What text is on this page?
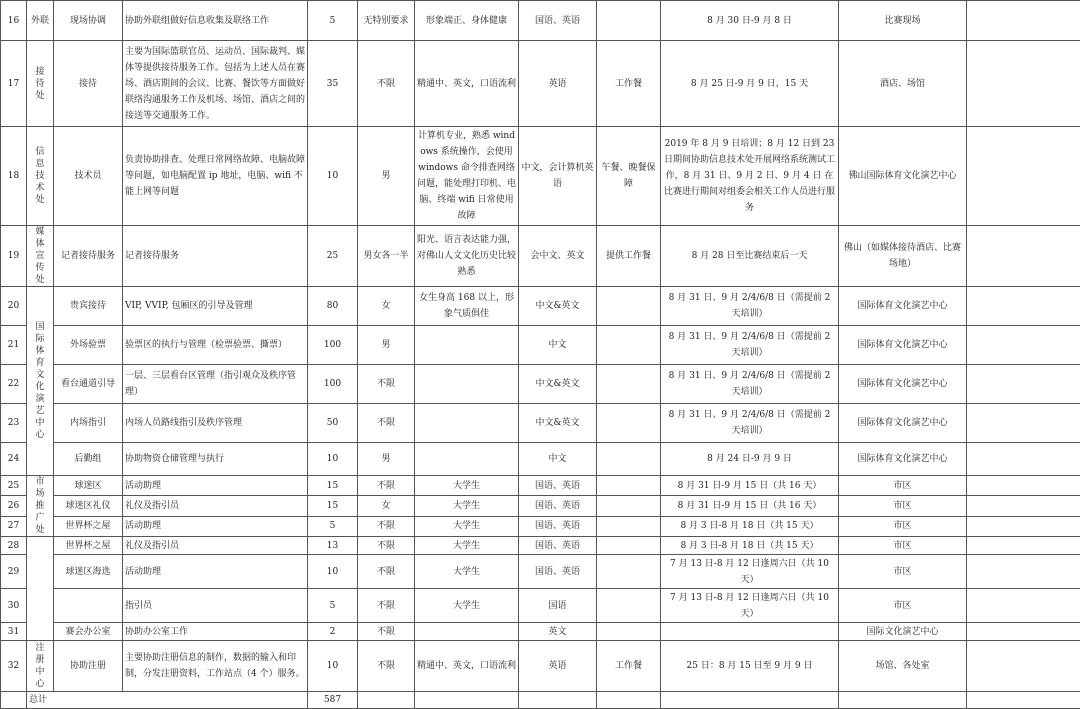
16	外联	现场协调	协助外联组做好信息收集及联络工作	5	无特别要求	形象端正、身体健康	国语、英语		8 月 30 日-9 月 8 日	比赛现场	
17	接待处	接待	主要为国际篮联官员、运动员、国际裁判、媒体等提供接待服务工作。包括为上述人员在赛场、酒店期间的会议、比赛、餐饮等方面做好联络沟通服务工作及机场、场馆、酒店之间的接送等交通服务工作。	35	不限	精通中、英文，口语流利	英语	工作餐	8 月 25 日-9 月 9 日，15 天	酒店、场馆	
18	信息技术处	技术员	负责协助排查、处理日常网络故障、电脑故障等问题，如电脑配置 ip 地址，电脑、wifi 不能上网等问题	10	男	计算机专业，熟悉 windows 系统操作，会使用 windows 命令排查网络问题，能处理打印机、电脑、终端 wifi 日常使用故障	中文，会计算机英语	午餐、晚餐保障	2019 年 8 月 9 日培训；8 月 12 日到 23 日期间协助信息技术处开展网络系统测试工作，8 月 31 日、9 月 2 日、9 月 4 日 在比赛进行期间对组委会相关工作人员进行服务	佛山国际体育文化演艺中心	
19	媒体宣传处	记者接待服务	记者接待服务	25	男女各一半	阳光、语言表达能力强，对佛山人文文化历史比较熟悉	会中文、英文	提供工作餐	8 月 28 日至比赛结束后一天	佛山（如媒体接待酒店、比赛场地）	
20	国际体育文化演艺中心	贵宾接待	VIP, VVIP, 包厢区的引导及管理	80	女	女生身高 168 以上，形象气质俱佳	中文&英文		8 月 31 日、9 月 2/4/6/8 日（需提前 2 天培训）	国际体育文化演艺中心	
21		外场验票	验票区的执行与管理（检票验票、撕票）	100	男		中文		8 月 31 日、9 月 2/4/6/8 日（需提前 2 天培训）	国际体育文化演艺中心	
22		看台通道引导	一层、三层看台区管理（指引观众及秩序管理）	100	不限		中文&英文		8 月 31 日、9 月 2/4/6/8 日（需提前 2 天培训）	国际体育文化演艺中心	
23		内场指引	内场人员路线指引及秩序管理	50	不限		中文&英文		8 月 31 日、9 月 2/4/6/8 日（需提前 2 天培训）	国际体育文化演艺中心	
24		后勤组	协助物资仓储管理与执行	10	男		中文		8 月 24 日-9 月 9 日	国际体育文化演艺中心	
25	市场推广处	球迷区	活动助理	15	不限	大学生	国语、英语		8 月 31 日-9 月 15 日（共 16 天）	市区	
26		球迷区礼仪	礼仪及指引员	15	女	大学生	国语、英语		8 月 31 日-9 月 15 日（共 16 天）	市区	
27		世界杯之屋	活动助理	5	不限	大学生	国语、英语		8 月 3 日-8 月 18 日（共 15 天）	市区	
28		世界杯之屋	礼仪及指引员	13	不限	大学生	国语、英语		8 月 3 日-8 月 18 日（共 15 天）	市区	
29		球迷区海选	活动助理	10	不限	大学生	国语、英语		7 月 13 日-8 月 12 日逢周六日（共 10 天）	市区	
30			指引员	5	不限	大学生	国语		7 月 13 日-8 月 12 日逢周六日（共 10 天）	市区	
31		赛会办公室	协助办公室工作	2	不限		英文			国际文化演艺中心	
32	注册中心	协助注册	主要协助注册信息的制作，数据的输入和印制，分发注册资料，工作站点（4 个）服务。	10	不限	精通中、英文，口语流利	英语	工作餐	25 日：8 月 15 日至 9 月 9 日	场馆、各处室	
	总计			587							
